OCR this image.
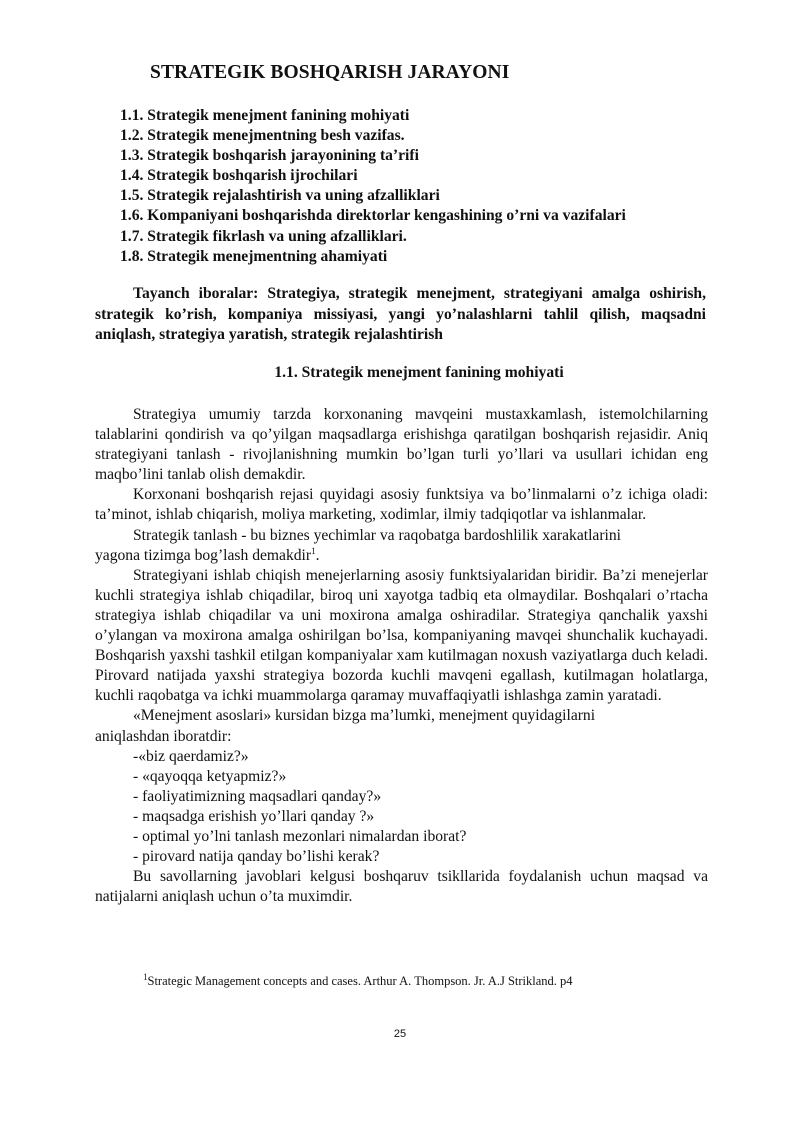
STRATEGIK BOSHQARISH JARAYONI
1.1. Strategik menejment fanining mohiyati
1.2. Strategik menejmentning besh vazifas.
1.3. Strategik boshqarish jarayonining ta’rifi
1.4. Strategik boshqarish ijrochilari
1.5. Strategik rejalashtirish va uning afzalliklari
1.6. Kompaniyani boshqarishda direktorlar kengashining o’rni va vazifalari
1.7. Strategik fikrlash va uning afzalliklari.
1.8. Strategik menejmentning ahamiyati

Tayanch iboralar: Strategiya, strategik menejment, strategiyani amalga oshirish, strategik ko’rish, kompaniya missiyasi, yangi yo’nalashlarni tahlil qilish, maqsadni aniqlash, strategiya yaratish, strategik rejalashtirish

1.1. Strategik menejment fanining mohiyati

Strategiya umumiy tarzda korxonaning mavqeini mustaxkamlash, istemolchilarning talablarini qondirish va qo’yilgan maqsadlarga erishishga qaratilgan boshqarish rejasidir. Aniq strategiyani tanlash - rivojlanishning mumkin bo’lgan turli yo’llari va usullari ichidan eng maqbo’lini tanlab olish demakdir.

Korxonani boshqarish rejasi quyidagi asosiy funktsiya va bo’linmalarni o’z ichiga oladi: ta’minot, ishlab chiqarish, moliya marketing, xodimlar, ilmiy tadqiqotlar va ishlanmalar.

Strategik tanlash - bu biznes yechimlar va raqobatga bardoshlilik xarakatlarini

yagona tizimga bog’lash demakdir$^1$.

Strategiyani ishlab chiqish menejerlarning asosiy funktsiyalaridan biridir. Ba’zi menejerlar kuchli strategiya ishlab chiqadilar, biroq uni xayotga tadbiq eta olmaydilar. Boshqalari o’rtacha strategiya ishlab chiqadilar va uni moxirona amalga oshiradilar. Strategiya qanchalik yaxshi o’ylangan va moxirona amalga oshirilgan bo’lsa, kompaniyaning mavqei shunchalik kuchayadi. Boshqarish yaxshi tashkil etilgan kompaniyalar xam kutilmagan noxush vaziyatlarga duch keladi. Pirovard natijada yaxshi strategiya bozorda kuchli mavqeni egallash, kutilmagan holatlarga, kuchli raqobatga va ichki muammolarga qaramay muvaffaqiyatli ishlashga zamin yaratadi.

«Menejment asoslari» kursidan bizga ma’lumki, menejment quyidagilarni

aniqlashdan iboratdir:

-«biz qaerdamiz?»

- «qayoqqa ketyapmiz?»

- faoliyatimizning maqsadlari qanday?»

- maqsadga erishish yo’llari qanday ?»

- optimal yo’lni tanlash mezonlari nimalardan iborat?

- pirovard natija qanday bo’lishi kerak?

Bu savollarning javoblari kelgusi boshqaruv tsikllarida foydalanish uchun maqsad va natijalarni aniqlash uchun o’ta muximdir.

$^1$Strategic Management concepts and cases. Arthur A. Thompson. Jr. A.J Strikland. p4
25
